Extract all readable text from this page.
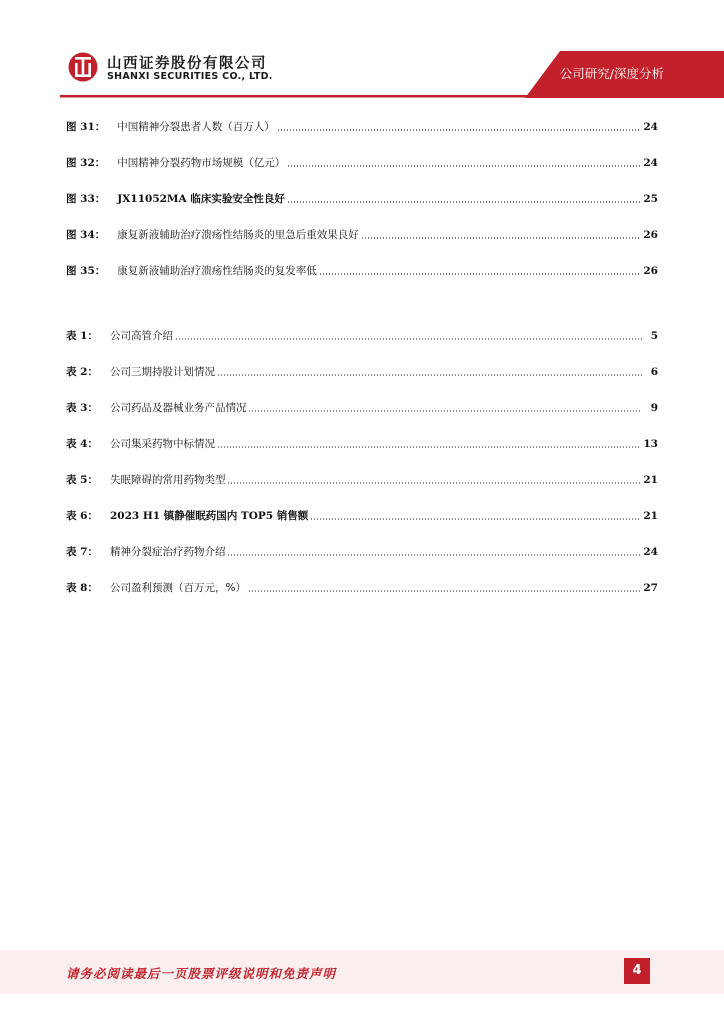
山西证券股份有限公司
SHANXI SECURITIES CO., LTD.	公司研究/深度分析
图 31 ： 中国精神分裂患者人数（百万人）	24
图 32 ： 中国精神分裂药物市场规模（亿元）	24
图 33 ： JX11052MA 临床实验安全性良好	25
图 34 ： 康复新液辅助治疗溃疡性结肠炎的里急后重效果良好	26
图 35 ： 康复新液辅助治疗溃疡性结肠炎的复发率低	26
表 1 ： 公司高管介绍	5
表 2 ： 公司三期持股计划情况	6
表 3 ： 公司药品及器械业务产品情况	9
表 4 ： 公司集采药物中标情况	13
表 5 ： 失眠障碍的常用药物类型	21
表 6 ： 2023 H1 镇静催眠药国内 TOP5 销售额	21
表 7 ： 精神分裂症治疗药物介绍	24
表 8 ： 公司盈利预测（百万元，%）	27
请务必阅读最后一页股票评级说明和免责声明	4
